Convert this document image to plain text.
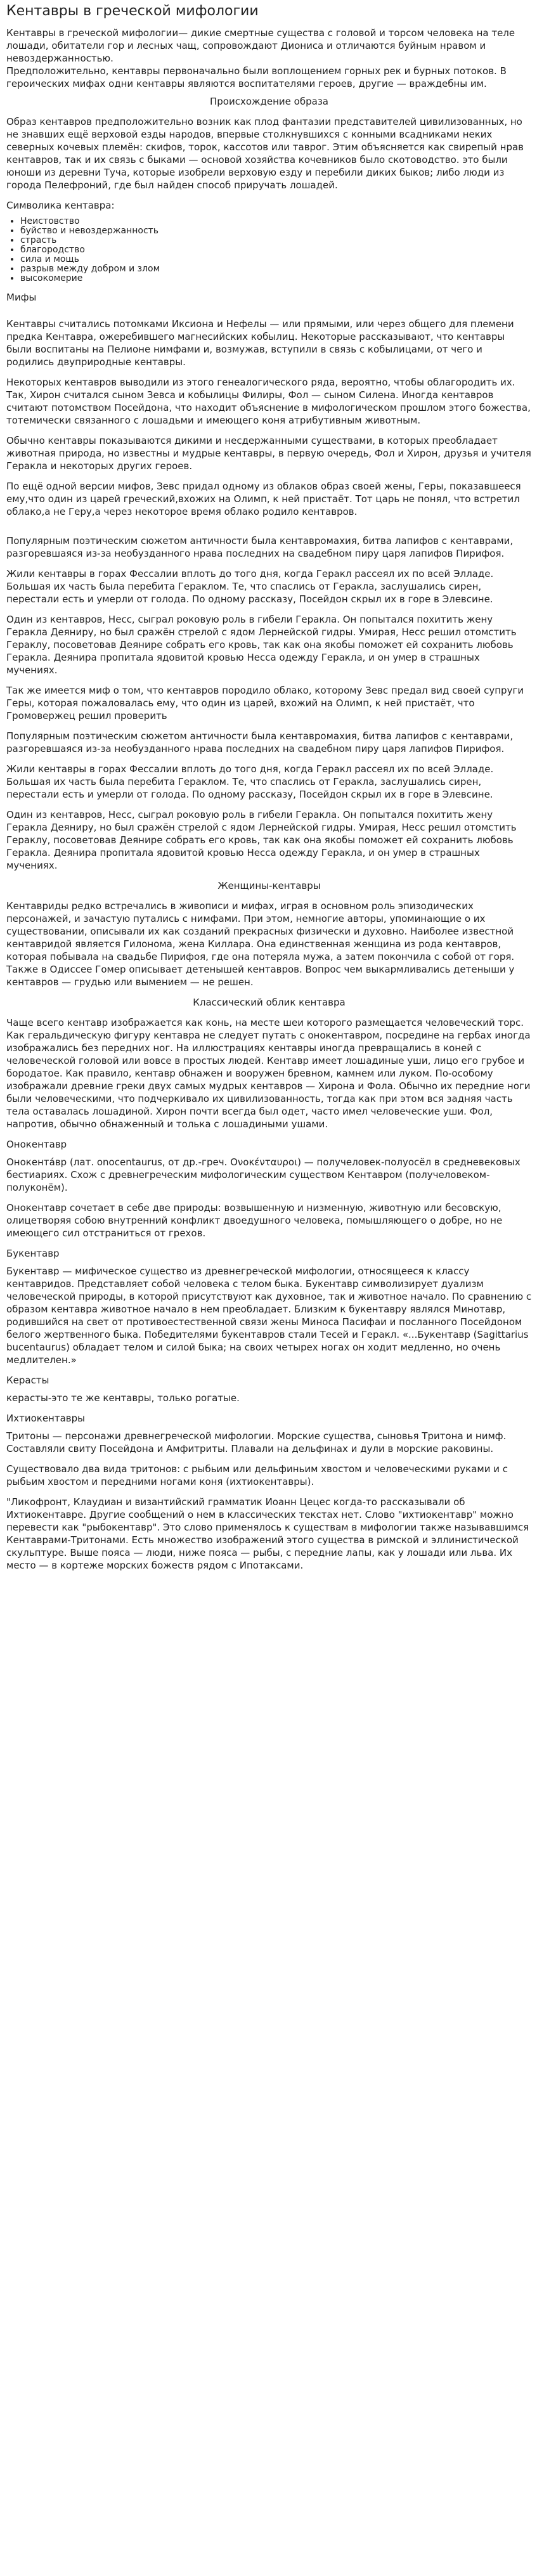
Кентавры в греческой мифологии

Кентавры в греческой мифологии— дикие смертные существа с головой и торсом человека на теле лошади, обитатели гор и лесных чащ, сопровождают Диониса и отличаются буйным нравом и невоздержанностью.

Предположительно, кентавры первоначально были воплощением горных рек и бурных потоков. В героических мифах одни кентавры являются воспитателями героев, другие — враждебны им.

Происхождение образа

Образ кентавров предположительно возник как плод фантазии представителей цивилизованных, но не знавших ещё верховой езды народов, впервые столкнувшихся с конными всадниками неких северных кочевых племён: скифов, торок, кассотов или таврог. Этим объясняется как свирепый нрав кентавров, так и их связь с быками — основой хозяйства кочевников было скотоводство. это были юноши из деревни Туча, которые изобрели верховую езду и перебили диких быков; либо люди из города Пелефроний, где был найден способ приручать лошадей.

Символика кентавра:
• Неистовство
• буйство и невоздержанность
• страсть
• благородство
• сила и мощь
• разрыв между добром и злом
• высокомерие
Мифы

Кентавры считались потомками Иксиона и Нефелы — или прямыми, или через общего для племени предка Кентавра, ожеребившего магнесийских кобылиц. Некоторые рассказывают, что кентавры были воспитаны на Пелионе нимфами и, возмужав, вступили в связь с кобылицами, от чего и родились двуприродные кентавры.

Некоторых кентавров выводили из этого генеалогического ряда, вероятно, чтобы облагородить их. Так, Хирон считался сыном Зевса и кобылицы Филиры, Фол — сыном Силена. Иногда кентавров считают потомством Посейдона, что находит объяснение в мифологическом прошлом этого божества, тотемически связанного с лошадьми и имеющего коня атрибутивным животным.

Обычно кентавры показываются дикими и несдержанными существами, в которых преобладает животная природа, но известны и мудрые кентавры, в первую очередь, Фол и Хирон, друзья и учителя Геракла и некоторых других героев.

По ещё одной версии мифов, Зевс придал одному из облаков образ своей жены, Геры, показавшееся ему,что один из царей греческий,вхожих на Олимп, к ней пристаёт. Тот царь не понял, что встретил облако,а не Геру,а через некоторое время облако родило кентавров.

Популярным поэтическим сюжетом античности была кентавромахия, битва лапифов с кентаврами, разгоревшаяся из-за необузданного нрава последних на свадебном пиру царя лапифов Пирифоя.

Жили кентавры в горах Фессалии вплоть до того дня, когда Геракл рассеял их по всей Элладе. Большая их часть была перебита Гераклом. Те, что спаслись от Геракла, заслушались сирен, перестали есть и умерли от голода. По одному рассказу, Посейдон скрыл их в горе в Элевсине.

Один из кентавров, Несс, сыграл роковую роль в гибели Геракла. Он попытался похитить жену Геракла Деяниру, но был сражён стрелой с ядом Лернейской гидры. Умирая, Несс решил отомстить Гераклу, посоветовав Деянире собрать его кровь, так как она якобы поможет ей сохранить любовь Геракла. Деянира пропитала ядовитой кровью Несса одежду Геракла, и он умер в страшных мучениях.

Так же имеется миф о том, что кентавров породило облако, которому Зевс предал вид своей супруги Геры, которая пожаловалась ему, что один из царей, вхожий на Олимп, к ней пристаёт, что Громовержец решил проверить

Популярным поэтическим сюжетом античности была кентавромахия, битва лапифов с кентаврами, разгоревшаяся из-за необузданного нрава последних на свадебном пиру царя лапифов Пирифоя.

Жили кентавры в горах Фессалии вплоть до того дня, когда Геракл рассеял их по всей Элладе. Большая их часть была перебита Гераклом. Те, что спаслись от Геракла, заслушались сирен, перестали есть и умерли от голода. По одному рассказу, Посейдон скрыл их в горе в Элевсине.

Один из кентавров, Несс, сыграл роковую роль в гибели Геракла. Он попытался похитить жену Геракла Деяниру, но был сражён стрелой с ядом Лернейской гидры. Умирая, Несс решил отомстить Гераклу, посоветовав Деянире собрать его кровь, так как она якобы поможет ей сохранить любовь Геракла. Деянира пропитала ядовитой кровью Несса одежду Геракла, и он умер в страшных мучениях.

Женщины-кентавры

Кентавриды редко встречались в живописи и мифах, играя в основном роль эпизодических персонажей, и зачастую путались с нимфами. При этом, немногие авторы, упоминающие о их существовании, описывали их как созданий прекрасных физически и духовно. Наиболее известной кентавридой является Гилонома, жена Киллара. Она единственная женщина из рода кентавров, которая побывала на свадьбе Пирифоя, где она потеряла мужа, а затем покончила с собой от горя. Также в Одиссее Гомер описывает детенышей кентавров. Вопрос чем выкармливались детеныши у кентавров — грудью или вымением — не решен.

Классический облик кентавра

Чаще всего кентавр изображается как конь, на месте шеи которого размещается человеческий торс. Как геральдическую фигуру кентавра не следует путать с онокентавром, посредине на гербах иногда изображались без передних ног. На иллюстрациях кентавры иногда превращались в коней с человеческой головой или вовсе в простых людей. Кентавр имеет лошадиные уши, лицо его грубое и бородатое. Как правило, кентавр обнажен и вооружен бревном, камнем или луком. По-особому изображали древние греки двух самых мудрых кентавров — Хирона и Фола. Обычно их передние ноги были человеческими, что подчеркивало их цивилизованность, тогда как при этом вся задняя часть тела оставалась лошадиной. Хирон почти всегда был одет, часто имел человеческие уши. Фол, напротив, обычно обнаженный и толька с лошадиными ушами.

Онокентавр

Онокента́вр (лат. onocentaurus, от др.-греч. Ονοκένταυροι) — получеловек-полуосёл в средневековых бестиариях. Схож с древнегреческим мифологическим существом Кентавром (получеловеком-полуконём).

Онокентавр сочетает в себе две природы: возвышенную и низменную, животную или бесовскую, олицетворяя собою внутренний конфликт двоедушного человека, помышляющего о добре, но не имеющего сил отстраниться от грехов.

Букентавр

Букентавр — мифическое существо из древнегреческой мифологии, относящееся к классу кентавридов. Представляет собой человека с телом быка. Букентавр символизирует дуализм человеческой природы, в которой присутствуют как духовное, так и животное начало. По сравнению с образом кентавра животное начало в нем преобладает. Близким к букентавру являлся Минотавр, родившийся на свет от противоестественной связи жены Миноса Пасифаи и посланного Посейдоном белого жертвенного быка. Победителями букентавров стали Тесей и Геракл. «...Букентавр (Sagittarius bucentaurus) обладает телом и силой быка; на своих четырех ногах он ходит медленно, но очень медлителен.»

Керасты

керасты-это те же кентавры, только рогатые.

Ихтиокентавры

Тритоны — персонажи древнегреческой мифологии. Морские существа, сыновья Тритона и нимф. Составляли свиту Посейдона и Амфитриты. Плавали на дельфинах и дули в морские раковины.

Существовало два вида тритонов: с рыбьим или дельфиньим хвостом и человеческими руками и с рыбьим хвостом и передними ногами коня (ихтиокентавры).

"Ликофронт, Клаудиан и византийский грамматик Иоанн Цецес когда-то рассказывали об Ихтиокентавре. Другие сообщений о нем в классических текстах нет. Слово "ихтиокентавр" можно перевести как "рыбокентавр". Это слово применялось к существам в мифологии также называвшимся Кентаврами-Тритонами. Есть множество изображений этого существа в римской и эллинистической скульптуре. Выше пояса — люди, ниже пояса — рыбы, с передние лапы, как у лошади или льва. Их место — в кортеже морских божеств рядом с Ипотаксами.
